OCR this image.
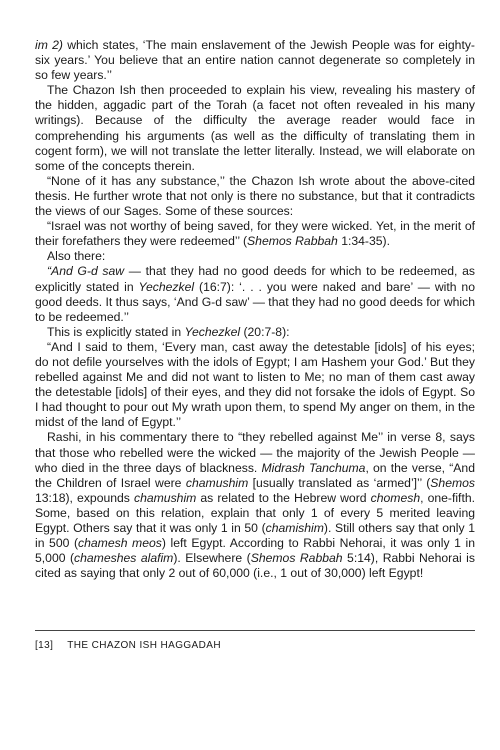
im 2) which states, ‘The main enslavement of the Jewish People was for eighty-six years.’ You believe that an entire nation cannot degenerate so completely in so few years.’’

The Chazon Ish then proceeded to explain his view, revealing his mastery of the hidden, aggadic part of the Torah (a facet not often revealed in his many writings). Because of the difficulty the average reader would face in comprehending his arguments (as well as the difficulty of translating them in cogent form), we will not translate the letter literally. Instead, we will elaborate on some of the concepts therein.

“None of it has any substance,’’ the Chazon Ish wrote about the above-cited thesis. He further wrote that not only is there no substance, but that it contradicts the views of our Sages. Some of these sources:

“Israel was not worthy of being saved, for they were wicked. Yet, in the merit of their forefathers they were redeemed’’ (Shemos Rabbah 1:34-35).

Also there:

“And G-d saw — that they had no good deeds for which to be redeemed, as explicitly stated in Yechezkel (16:7): ‘. . . you were naked and bare’ — with no good deeds. It thus says, ‘And G-d saw’ — that they had no good deeds for which to be redeemed.’’

This is explicitly stated in Yechezkel (20:7-8):

“And I said to them, ‘Every man, cast away the detestable [idols] of his eyes; do not defile yourselves with the idols of Egypt; I am Hashem your God.’ But they rebelled against Me and did not want to listen to Me; no man of them cast away the detestable [idols] of their eyes, and they did not forsake the idols of Egypt. So I had thought to pour out My wrath upon them, to spend My anger on them, in the midst of the land of Egypt.’’

Rashi, in his commentary there to “they rebelled against Me’’ in verse 8, says that those who rebelled were the wicked — the majority of the Jewish People — who died in the three days of blackness. Midrash Tanchuma, on the verse, “And the Children of Israel were chamushim [usually translated as ‘armed’]’’ (Shemos 13:18), expounds chamushim as related to the Hebrew word chomesh, one-fifth. Some, based on this relation, explain that only 1 of every 5 merited leaving Egypt. Others say that it was only 1 in 50 (chamishim). Still others say that only 1 in 500 (chamesh meos) left Egypt. According to Rabbi Nehorai, it was only 1 in 5,000 (chameshes alafim). Elsewhere (Shemos Rabbah 5:14), Rabbi Nehorai is cited as saying that only 2 out of 60,000 (i.e., 1 out of 30,000) left Egypt!

[13] THE CHAZON ISH HAGGADAH
